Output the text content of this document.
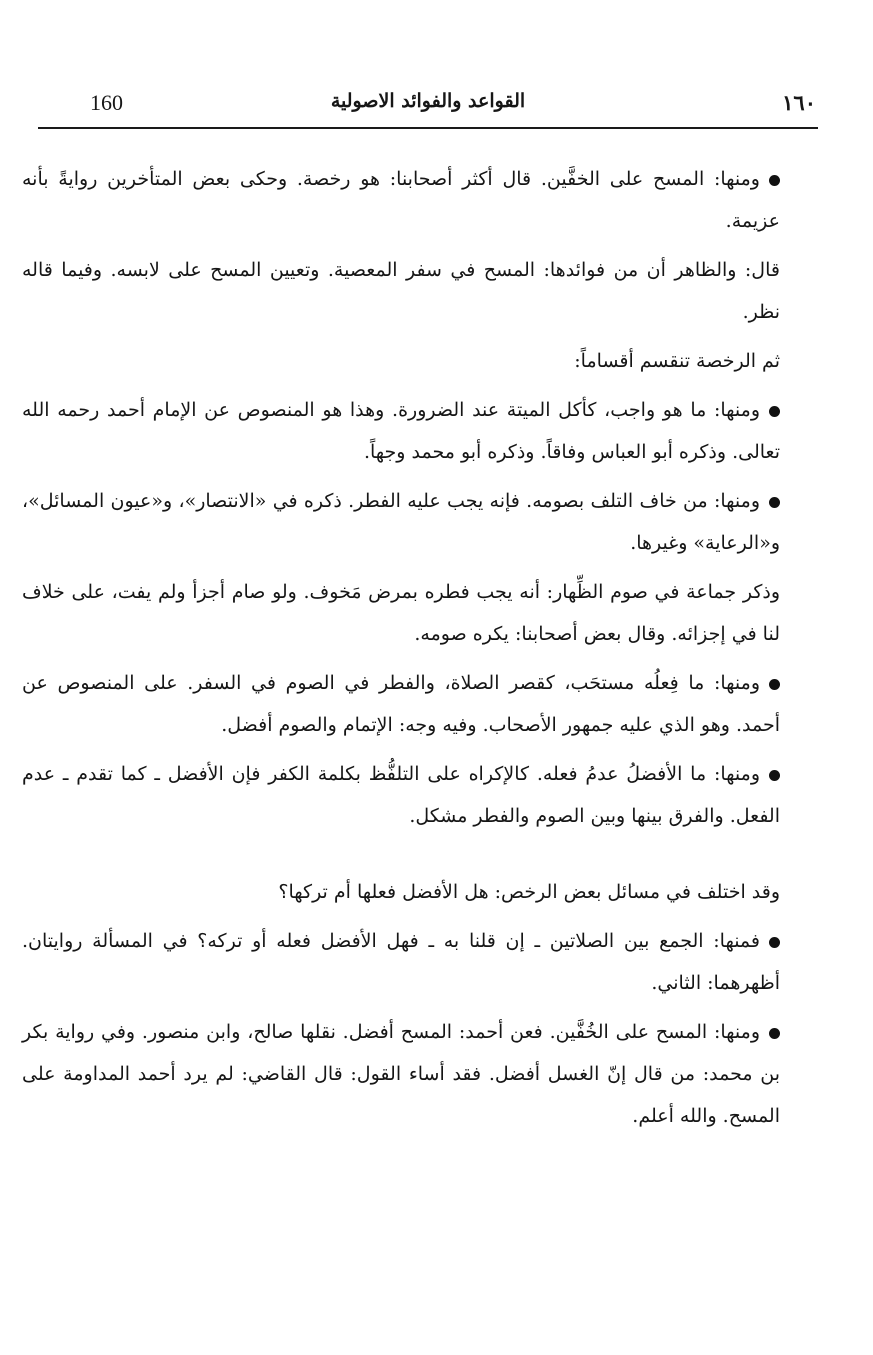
160	القواعد والفوائد الاصولية	١٦٠

ومنها: المسح على الخفَّين. قال أكثر أصحابنا: هو رخصة. وحكى بعض المتأخرين روايةً بأنه عزيمة.

قال: والظاهر أن من فوائدها: المسح في سفر المعصية. وتعيين المسح على لابسه. وفيما قاله نظر.

ثم الرخصة تنقسم أقساماً:

ومنها: ما هو واجب، كأكل الميتة عند الضرورة. وهذا هو المنصوص عن الإمام أحمد رحمه الله تعالى. وذكره أبو العباس وفاقاً. وذكره أبو محمد وجهاً.

ومنها: من خاف التلف بصومه. فإنه يجب عليه الفطر. ذكره في «الانتصار»، و«عيون المسائل»، و«الرعاية» وغيرها.

وذكر جماعة في صوم الظِّهار: أنه يجب فطره بمرض مَخوف. ولو صام أجزأ ولم يفت، على خلاف لنا في إجزائه. وقال بعض أصحابنا: يكره صومه.

ومنها: ما فِعلُه مستحَب، كقصر الصلاة، والفطر في الصوم في السفر. على المنصوص عن أحمد. وهو الذي عليه جمهور الأصحاب. وفيه وجه: الإتمام والصوم أفضل.

ومنها: ما الأفضلُ عدمُ فعله. كالإكراه على التلفُّظ بكلمة الكفر فإن الأفضل ـ كما تقدم ـ عدم الفعل. والفرق بينها وبين الصوم والفطر مشكل.

وقد اختلف في مسائل بعض الرخص: هل الأفضل فعلها أم تركها؟

فمنها: الجمع بين الصلاتين ـ إن قلنا به ـ فهل الأفضل فعله أو تركه؟ في المسألة روايتان. أظهرهما: الثاني.

ومنها: المسح على الخُفَّين. فعن أحمد: المسح أفضل. نقلها صالح، وابن منصور. وفي رواية بكر بن محمد: من قال إنّ الغسل أفضل. فقد أساء القول: قال القاضي: لم يرد أحمد المداومة على المسح. والله أعلم.
